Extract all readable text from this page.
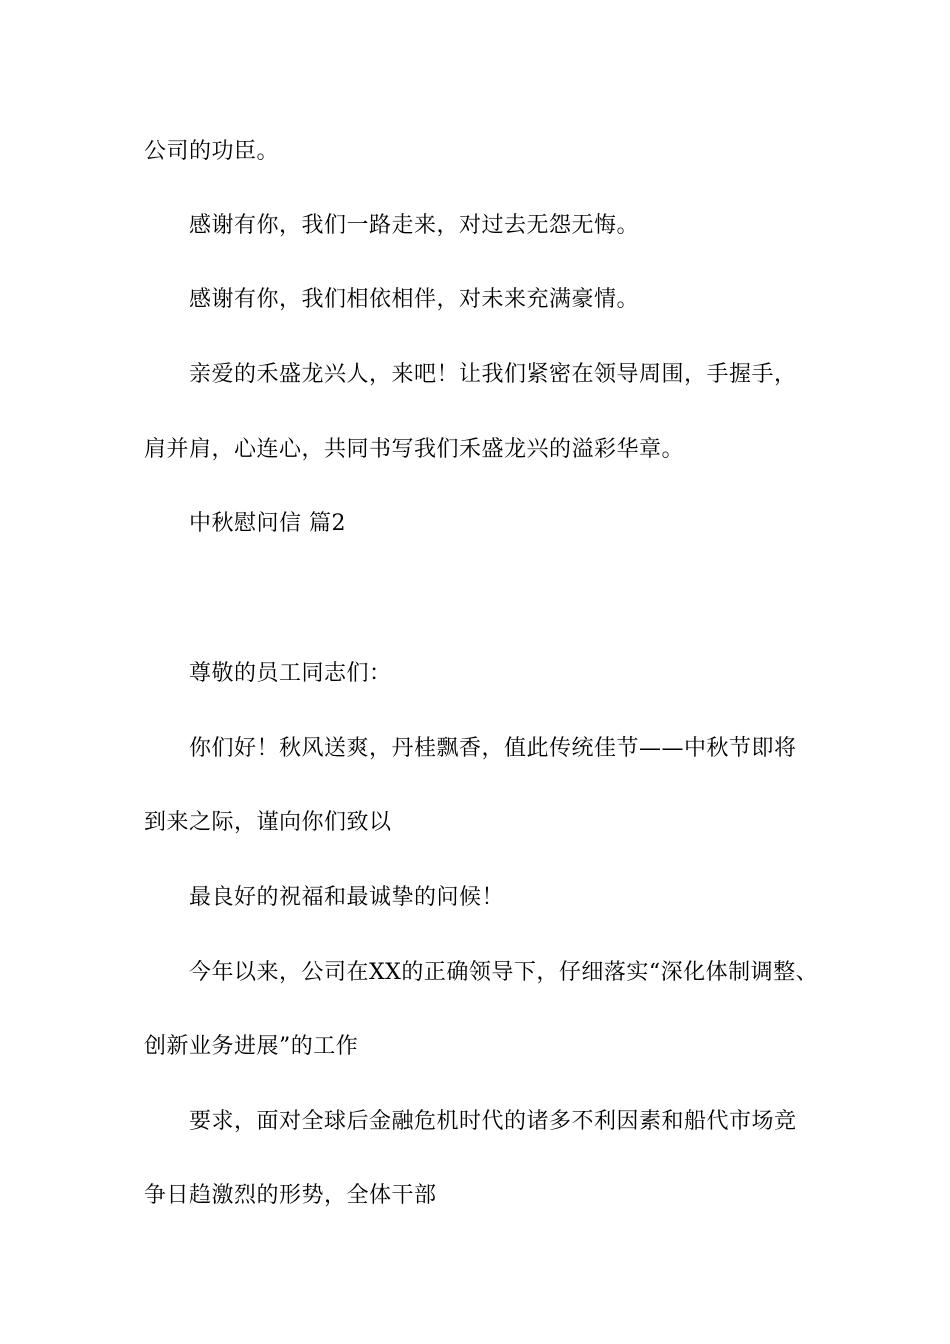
公司的功臣。
感谢有你，我们一路走来，对过去无怨无悔。
感谢有你，我们相依相伴，对未来充满豪情。
亲爱的禾盛龙兴人，来吧！让我们紧密在领导周围，手握手，
肩并肩，心连心，共同书写我们禾盛龙兴的溢彩华章。
中秋慰问信 篇2
尊敬的员工同志们：
你们好！秋风送爽，丹桂飘香，值此传统佳节——中秋节即将
到来之际，谨向你们致以
最良好的祝福和最诚挚的问候！
今年以来，公司在XX的正确领导下，仔细落实“深化体制调整、
创新业务进展”的工作
要求，面对全球后金融危机时代的诸多不利因素和船代市场竞
争日趋激烈的形势，全体干部
